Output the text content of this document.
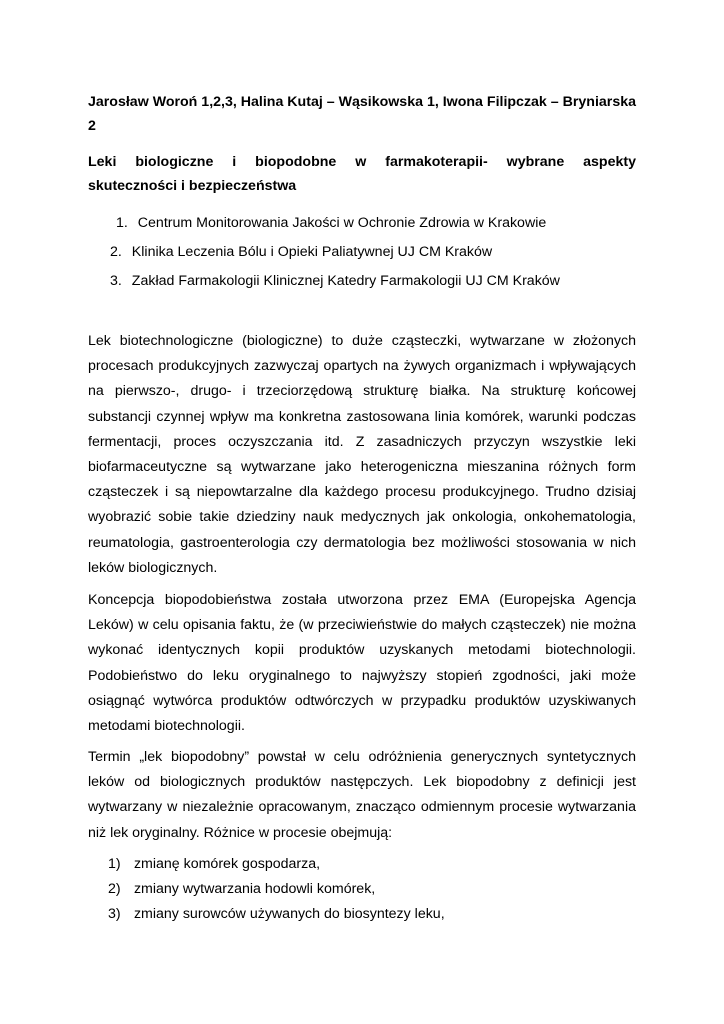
Jarosław Woroń 1,2,3, Halina Kutaj – Wąsikowska 1, Iwona Filipczak – Bryniarska 2

Leki biologiczne i biopodobne w farmakoterapii- wybrane aspekty
skuteczności i bezpieczeństwa

1. Centrum Monitorowania Jakości w Ochronie Zdrowia w Krakowie
2. Klinika Leczenia Bólu i Opieki Paliatywnej UJ CM Kraków
3. Zakład Farmakologii Klinicznej Katedry Farmakologii UJ CM Kraków

Lek biotechnologiczne (biologiczne) to duże cząsteczki, wytwarzane w złożonych procesach produkcyjnych zazwyczaj opartych na żywych organizmach i wpływających na pierwszo-, drugo- i trzeciorzędową strukturę białka. Na strukturę końcowej substancji czynnej wpływ ma konkretna zastosowana linia komórek, warunki podczas fermentacji, proces oczyszczania itd. Z zasadniczych przyczyn wszystkie leki biofarmaceutyczne są wytwarzane jako heterogeniczna mieszanina różnych form cząsteczek i są niepowtarzalne dla każdego procesu produkcyjnego. Trudno dzisiaj wyobrazić sobie takie dziedziny nauk medycznych jak onkologia, onkohematologia, reumatologia, gastroenterologia czy dermatologia bez możliwości stosowania w nich leków biologicznych.

Koncepcja biopodobieństwa została utworzona przez EMA (Europejska Agencja Leków) w celu opisania faktu, że (w przeciwieństwie do małych cząsteczek) nie można wykonać identycznych kopii produktów uzyskanych metodami biotechnologii. Podobieństwo do leku oryginalnego to najwyższy stopień zgodności, jaki może osiągnąć wytwórca produktów odtwórczych w przypadku produktów uzyskiwanych metodami biotechnologii.

Termin „lek biopodobny” powstał w celu odróżnienia generycznych syntetycznych leków od biologicznych produktów następczych. Lek biopodobny z definicji jest wytwarzany w niezależnie opracowanym, znacząco odmiennym procesie wytwarzania niż lek oryginalny. Różnice w procesie obejmują:

1) zmianę komórek gospodarza,
2) zmiany wytwarzania hodowli komórek,
3) zmiany surowców używanych do biosyntezy leku,
